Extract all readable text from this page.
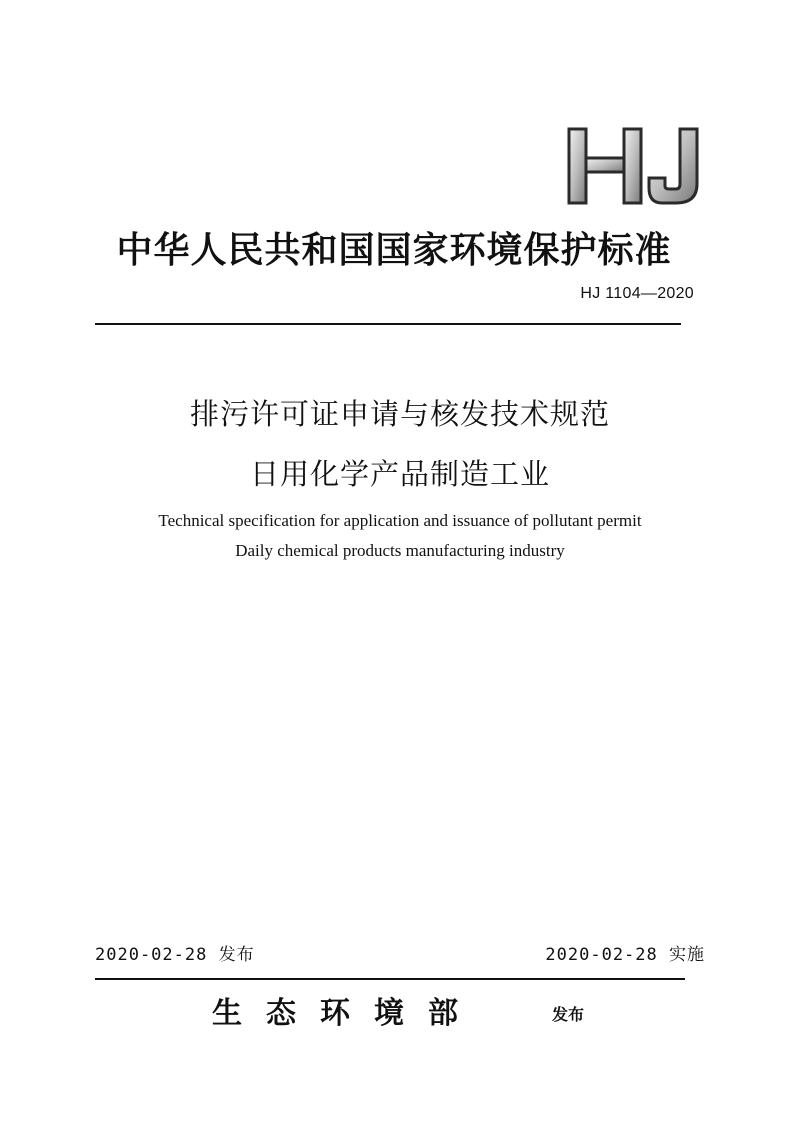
中华人民共和国国家环境保护标准
HJ 1104—2020
排污许可证申请与核发技术规范
日用化学产品制造工业
Technical specification for application and issuance of pollutant permit
Daily chemical products manufacturing industry
2020-02-28 发布	2020-02-28 实施
生态环境部	发布
